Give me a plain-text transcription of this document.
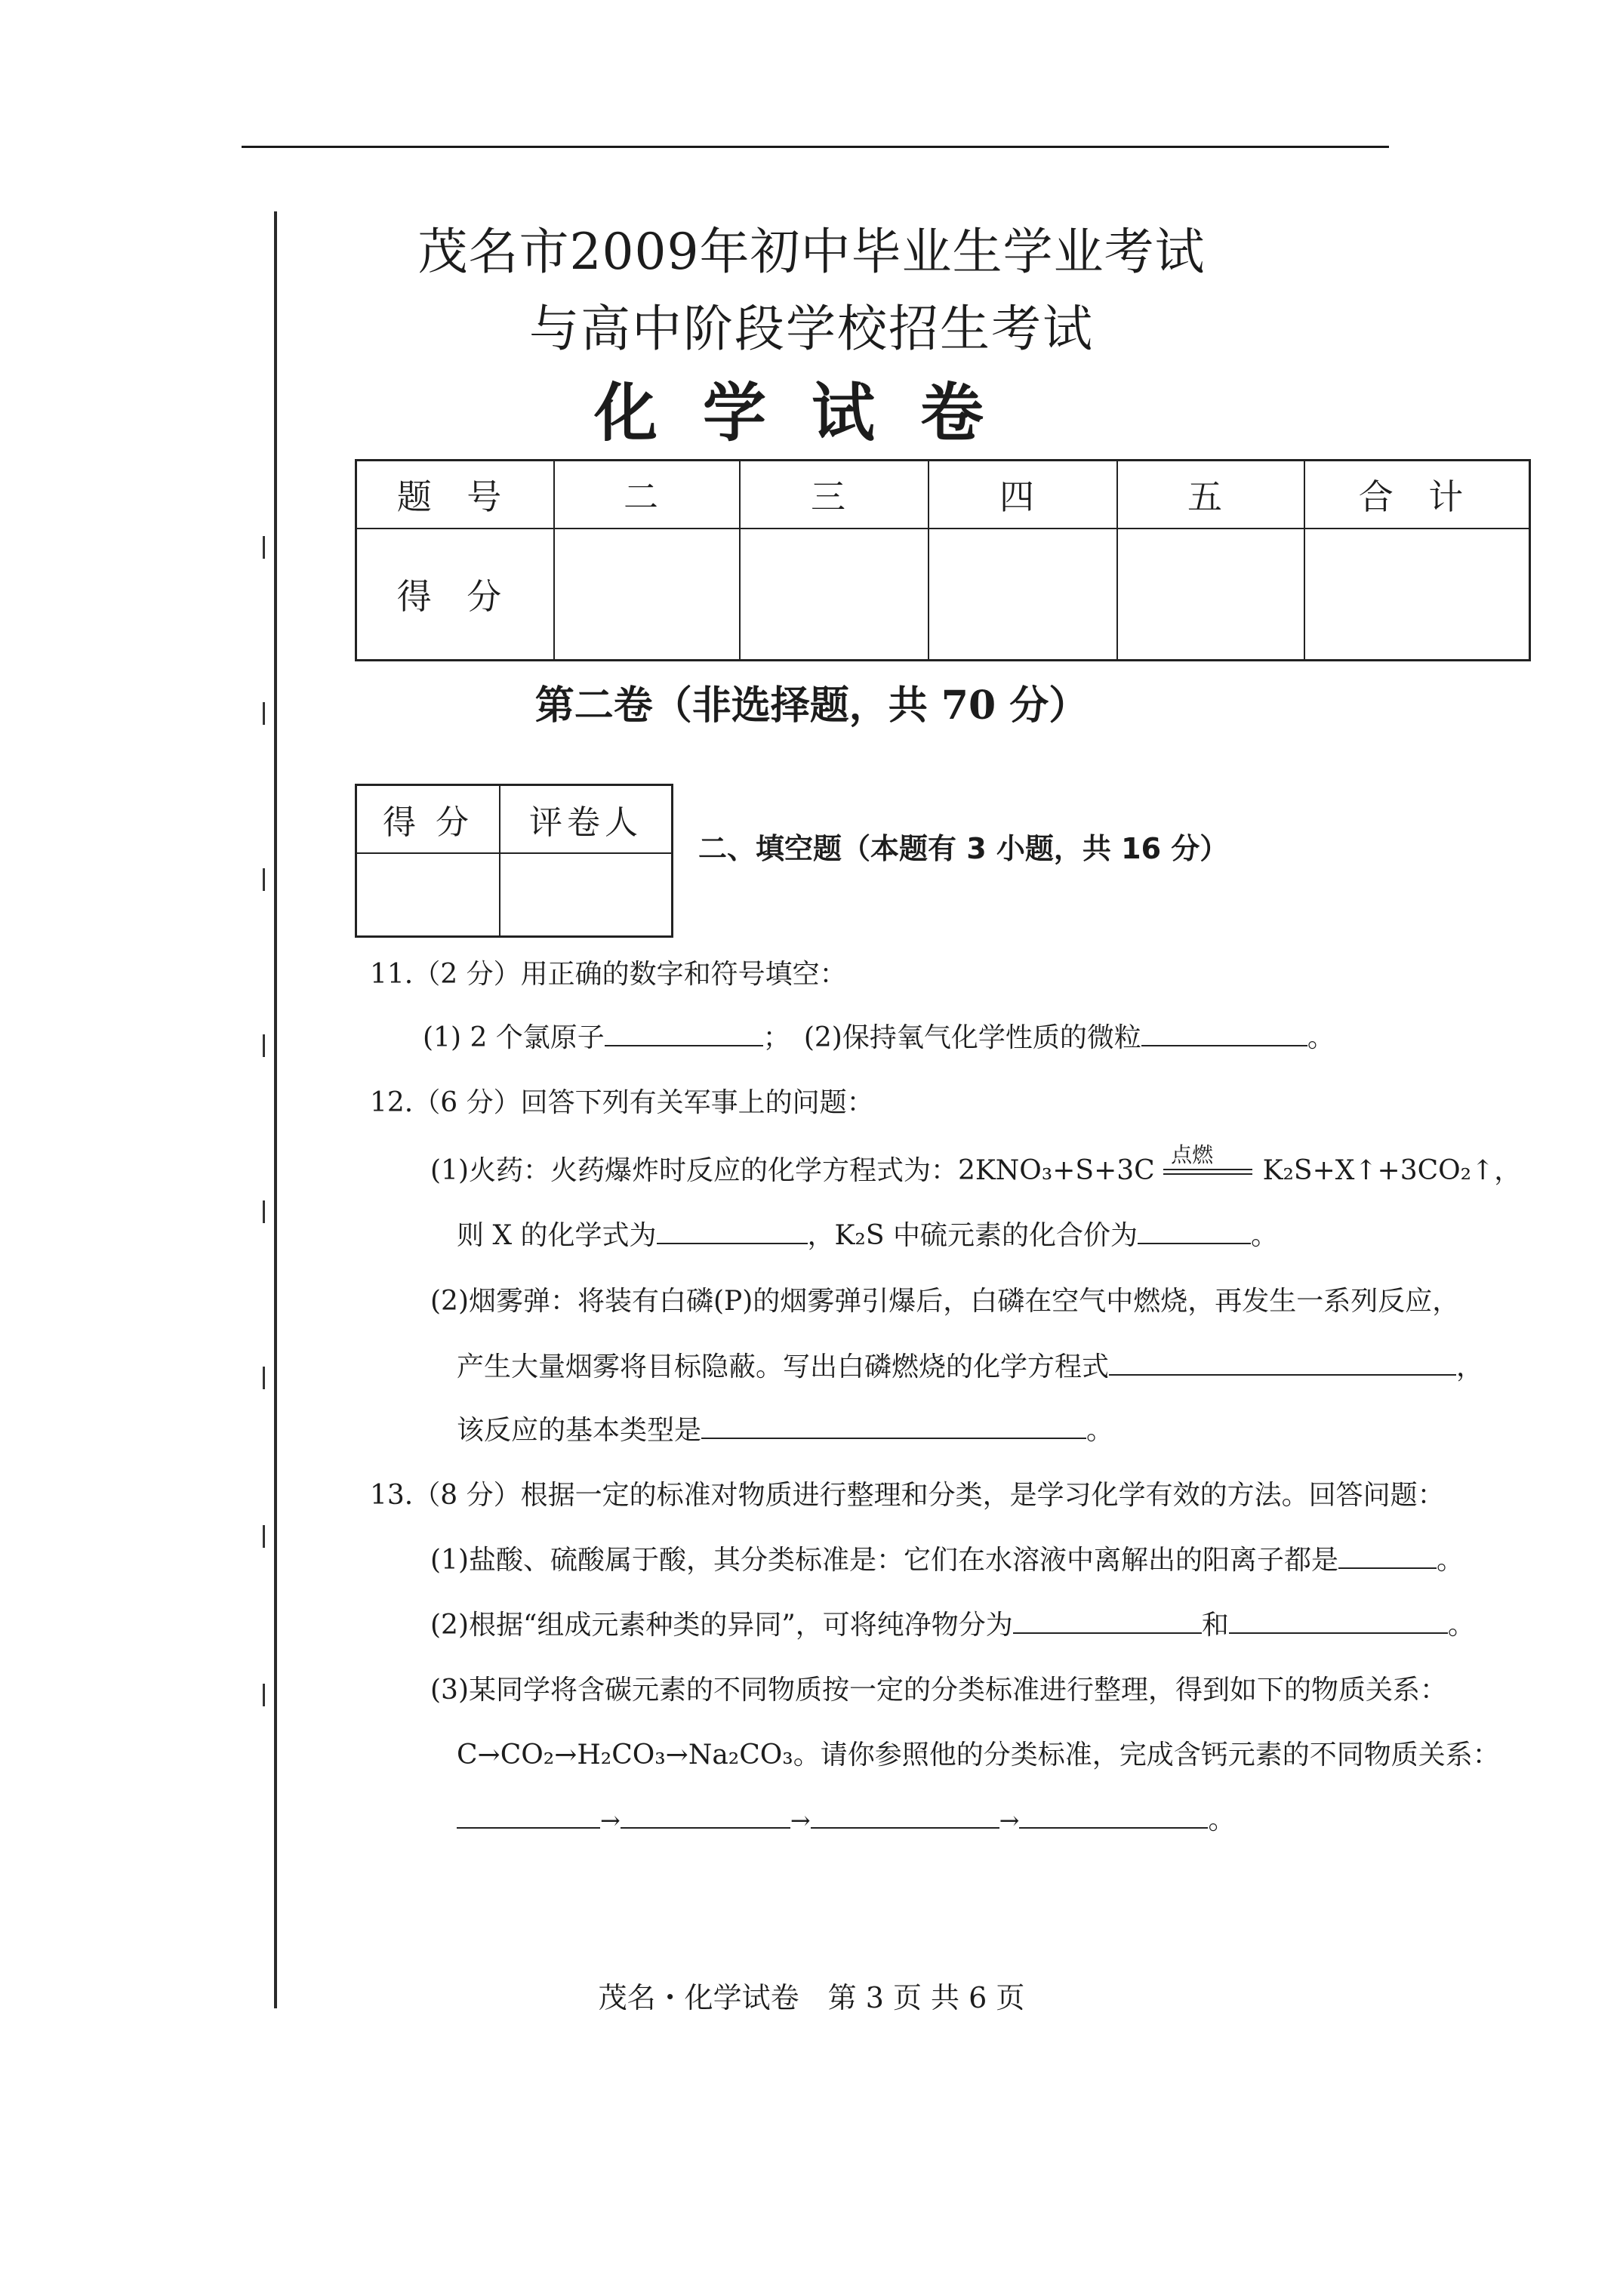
茂名市2009年初中毕业生学业考试
与高中阶段学校招生考试
化学试卷
题 号	二	三	四	五	合 计
得 分
第二卷（非选择题，共 70 分）
得 分	评卷人
二、填空题（本题有 3 小题，共 16 分）
11.（2 分）用正确的数字和符号填空：
(1) 2 个氯原子	；　 (2)保持氧气化学性质的微粒	。
12.（6 分）回答下列有关军事上的问题：
(1)火药：火药爆炸时反应的化学方程式为：2KNO₃+S+3C
点燃
K₂S+X↑+3CO₂↑，
则 X 的化学式为	，K₂S 中硫元素的化合价为	。
(2)烟雾弹：将装有白磷(P)的烟雾弹引爆后，白磷在空气中燃烧，再发生一系列反应，
产生大量烟雾将目标隐蔽。写出白磷燃烧的化学方程式	，
该反应的基本类型是	。
13.（8 分）根据一定的标准对物质进行整理和分类，是学习化学有效的方法。回答问题：
(1)盐酸、硫酸属于酸，其分类标准是：它们在水溶液中离解出的阳离子都是	。
(2)根据“组成元素种类的异同”，可将纯净物分为	和	。
(3)某同学将含碳元素的不同物质按一定的分类标准进行整理，得到如下的物质关系：
C→CO₂→H₂CO₃→Na₂CO₃。请你参照他的分类标准，完成含钙元素的不同物质关系：
→	→	→	。
茂名・化学试卷　第 3 页 共 6 页
